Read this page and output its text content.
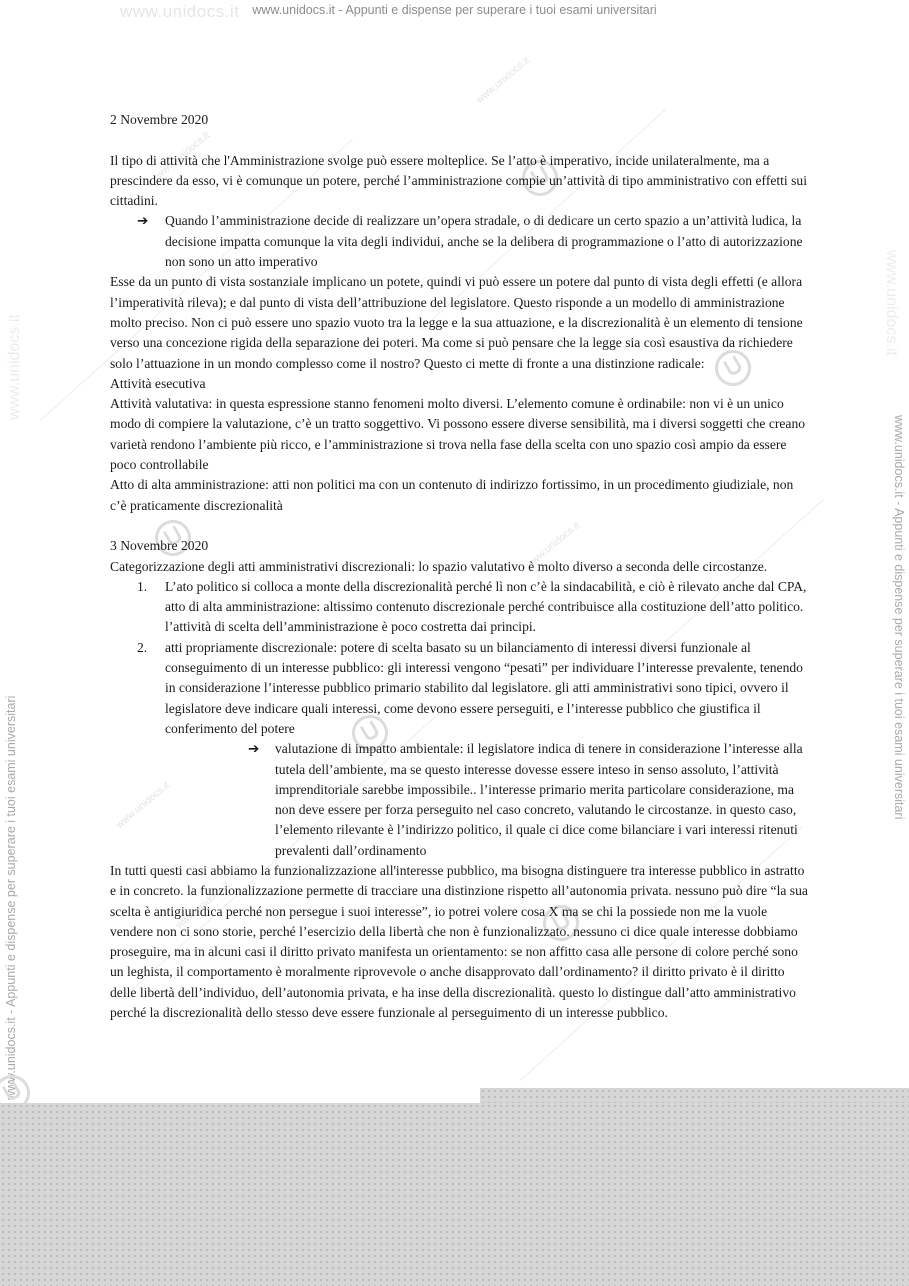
www.unidocs.it	www.unidocs.it - Appunti e dispense per superare i tuoi esami universitari
www.unidocs.it - Appunti e dispense per superare i tuoi esami universitari
www.unidocs.it - Appunti e dispense per superare i tuoi esami universitari
www.unidocs.it
www.unidocs.it
www.unidocs.it
www.unidocs.it
www.unidocs.it
www.unidocs.it
www.unidocs.it

2 Novembre 2020

Il tipo di attività che l'Amministrazione svolge può essere molteplice. Se l’atto è imperativo, incide unilateralmente, ma a prescindere da esso, vi è comunque un potere, perché l’amministrazione compie un’attività di tipo amministrativo con effetti sui cittadini.

➔ Quando l’amministrazione decide di realizzare un’opera stradale, o di dedicare un certo spazio a un’attività ludica, la decisione impatta comunque la vita degli individui, anche se la delibera di programmazione o l’atto di autorizzazione non sono un atto imperativo

Esse da un punto di vista sostanziale implicano un potete, quindi vi può essere un potere dal punto di vista degli effetti (e allora l’imperatività rileva); e dal punto di vista dell’attribuzione del legislatore. Questo risponde a un modello di amministrazione molto preciso. Non ci può essere uno spazio vuoto tra la legge e la sua attuazione, e la discrezionalità è un elemento di tensione verso una concezione rigida della separazione dei poteri. Ma come si può pensare che la legge sia così esaustiva da richiedere solo l’attuazione in un mondo complesso come il nostro? Questo ci mette di fronte a una distinzione radicale:

Attività esecutiva

Attività valutativa: in questa espressione stanno fenomeni molto diversi. L’elemento comune è ordinabile: non vi è un unico modo di compiere la valutazione, c’è un tratto soggettivo. Vi possono essere diverse sensibilità, ma i diversi soggetti che creano varietà rendono l’ambiente più ricco, e l’amministrazione si trova nella fase della scelta con uno spazio così ampio da essere poco controllabile

Atto di alta amministrazione: atti non politici ma con un contenuto di indirizzo fortissimo, in un procedimento giudiziale, non c’è praticamente discrezionalità

3 Novembre 2020

Categorizzazione degli atti amministrativi discrezionali: lo spazio valutativo è molto diverso a seconda delle circostanze.

1. L’ato politico si colloca a monte della discrezionalità perché lì non c’è la sindacabilità, e ciò è rilevato anche dal CPA, atto di alta amministrazione: altissimo contenuto discrezionale perché contribuisce alla costituzione dell’atto politico. l’attività di scelta dell’amministrazione è poco costretta dai principi.
2. atti propriamente discrezionale: potere di scelta basato su un bilanciamento di interessi diversi funzionale al conseguimento di un interesse pubblico: gli interessi vengono “pesati” per individuare l’interesse prevalente, tenendo in considerazione l’interesse pubblico primario stabilito dal legislatore. gli atti amministrativi sono tipici, ovvero il legislatore deve indicare quali interessi, come devono essere perseguiti, e l’interesse pubblico che giustifica il conferimento del potere
➔ valutazione di impatto ambientale: il legislatore indica di tenere in considerazione l’interesse alla tutela dell’ambiente, ma se questo interesse dovesse essere inteso in senso assoluto, l’attività imprenditoriale sarebbe impossibile.. l’interesse primario merita particolare considerazione, ma non deve essere per forza perseguito nel caso concreto, valutando le circostanze. in questo caso, l’elemento rilevante è l’indirizzo politico, il quale ci dice come bilanciare i vari interessi ritenuti prevalenti dall’ordinamento

In tutti questi casi abbiamo la funzionalizzazione all'interesse pubblico, ma bisogna distinguere tra interesse pubblico in astratto e in concreto. la funzionalizzazione permette di tracciare una distinzione rispetto all’autonomia privata. nessuno può dire “la sua scelta è antigiuridica perché non persegue i suoi interesse”, io potrei volere cosa X ma se chi la possiede non me la vuole vendere non ci sono storie, perché l’esercizio della libertà che non è funzionalizzato. nessuno ci dice quale interesse dobbiamo proseguire, ma in alcuni casi il diritto privato manifesta un orientamento: se non affitto casa alle persone di colore perché sono un leghista, il comportamento è moralmente riprovevole o anche disapprovato dall’ordinamento? il diritto privato è il diritto delle libertà dell’individuo, dell’autonomia privata, e ha inse della discrezionalità. questo lo distingue dall’atto amministrativo perché la discrezionalità dello stesso deve essere funzionale al perseguimento di un interesse pubblico.
